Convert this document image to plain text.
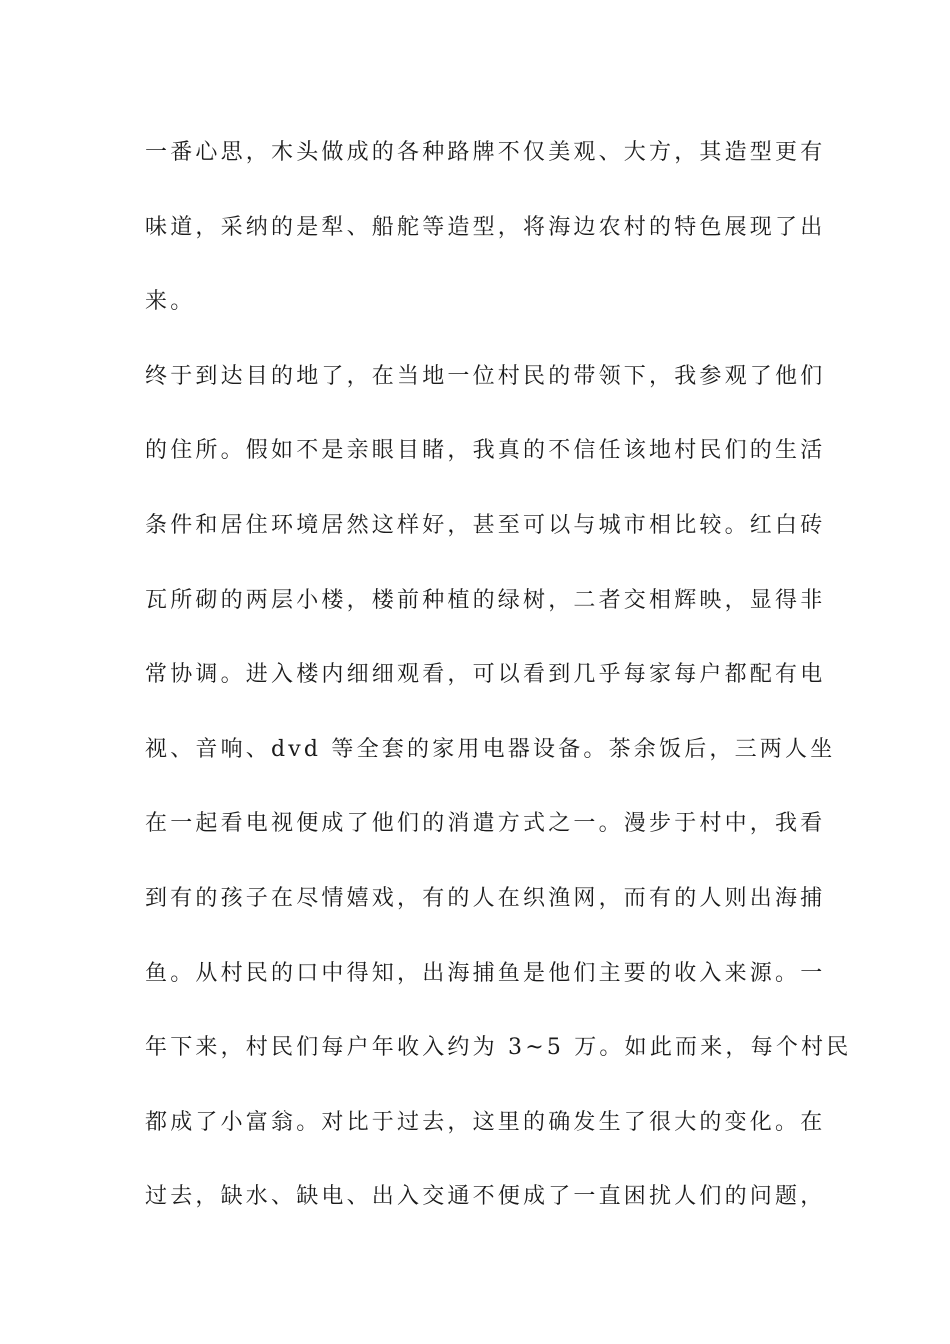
一番心思，木头做成的各种路牌不仅美观、大方，其造型更有
味道，采纳的是犁、船舵等造型，将海边农村的特色展现了出
来。
终于到达目的地了，在当地一位村民的带领下，我参观了他们
的住所。假如不是亲眼目睹，我真的不信任该地村民们的生活
条件和居住环境居然这样好，甚至可以与城市相比较。红白砖
瓦所砌的两层小楼，楼前种植的绿树，二者交相辉映，显得非
常协调。进入楼内细细观看，可以看到几乎每家每户都配有电
视、音响、dvd 等全套的家用电器设备。茶余饭后，三两人坐
在一起看电视便成了他们的消遣方式之一。漫步于村中，我看
到有的孩子在尽情嬉戏，有的人在织渔网，而有的人则出海捕
鱼。从村民的口中得知，出海捕鱼是他们主要的收入来源。一
年下来，村民们每户年收入约为 3~5 万。如此而来，每个村民
都成了小富翁。对比于过去，这里的确发生了很大的变化。在
过去，缺水、缺电、出入交通不便成了一直困扰人们的问题，
